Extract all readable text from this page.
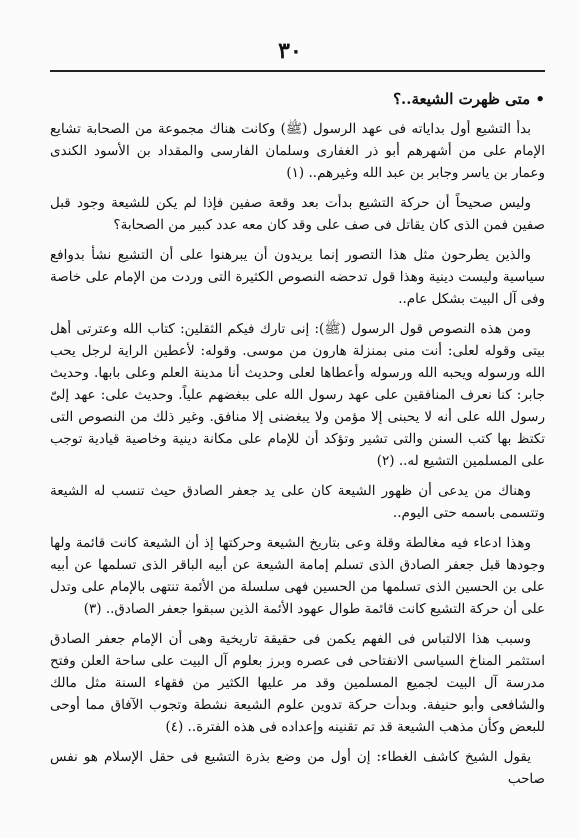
٣٠
• متى ظهرت الشيعة..؟

بدأ التشيع أول بداياته فى عهد الرسول (ﷺ) وكانت هناك مجموعة من الصحابة تشايع الإمام على من أشهرهم أبو ذر الغفارى وسلمان الفارسى والمقداد بن الأسود الكندى وعمار بن ياسر وجابر بن عبد الله وغيرهم.. (١)

وليس صحيحاً أن حركة التشيع بدأت بعد وقعة صفين فإذا لم يكن للشيعة وجود قبل صفين فمن الذى كان يقاتل فى صف على وقد كان معه عدد كبير من الصحابة؟

والذين يطرحون مثل هذا التصور إنما يريدون أن يبرهنوا على أن التشيع نشأ بدوافع سياسية وليست دينية وهذا قول تدحضه النصوص الكثيرة التى وردت من الإمام على خاصة وفى آل البيت بشكل عام..

ومن هذه النصوص قول الرسول (ﷺ): إنى تارك فيكم الثقلين: كتاب الله وعترتى أهل بيتى وقوله لعلى: أنت منى بمنزلة هارون من موسى. وقوله: لأعطين الراية لرجل يحب الله ورسوله ويحبه الله ورسوله وأعطاها لعلى وحديث أنا مدينة العلم وعلى بابها. وحديث جابر: كنا نعرف المنافقين على عهد رسول الله على ببغضهم علياً. وحديث على: عهد إلىّ رسول الله على أنه لا يحبنى إلا مؤمن ولا يبغضنى إلا منافق. وغير ذلك من النصوص التى تكتظ بها كتب السنن والتى تشير وتؤكد أن للإمام على مكانة دينية وخاصية قيادية توجب على المسلمين التشيع له.. (٢)

وهناك من يدعى أن ظهور الشيعة كان على يد جعفر الصادق حيث تنسب له الشيعة وتتسمى باسمه حتى اليوم..

وهذا ادعاء فيه مغالطة وقلة وعى بتاريخ الشيعة وحركتها إذ أن الشيعة كانت قائمة ولها وجودها قبل جعفر الصادق الذى تسلم إمامة الشيعة عن أبيه الباقر الذى تسلمها عن أبيه على بن الحسين الذى تسلمها من الحسين فهى سلسلة من الأئمة تنتهى بالإمام على وتدل على أن حركة التشيع كانت قائمة طوال عهود الأئمة الذين سبقوا جعفر الصادق.. (٣)

وسبب هذا الالتباس فى الفهم يكمن فى حقيقة تاريخية وهى أن الإمام جعفر الصادق استثمر المناخ السياسى الانفتاحى فى عصره وبرز بعلوم آل البيت على ساحة العلن وفتح مدرسة آل البيت لجميع المسلمين وقد مر عليها الكثير من فقهاء السنة مثل مالك والشافعى وأبو حنيفة. وبدأت حركة تدوين علوم الشيعة نشطة وتجوب الآفاق مما أوحى للبعض وكأن مذهب الشيعة قد تم تقنينه وإعداده فى هذه الفترة.. (٤)

يقول الشيخ كاشف الغطاء: إن أول من وضع بذرة التشيع فى حقل الإسلام هو نفس صاحب
